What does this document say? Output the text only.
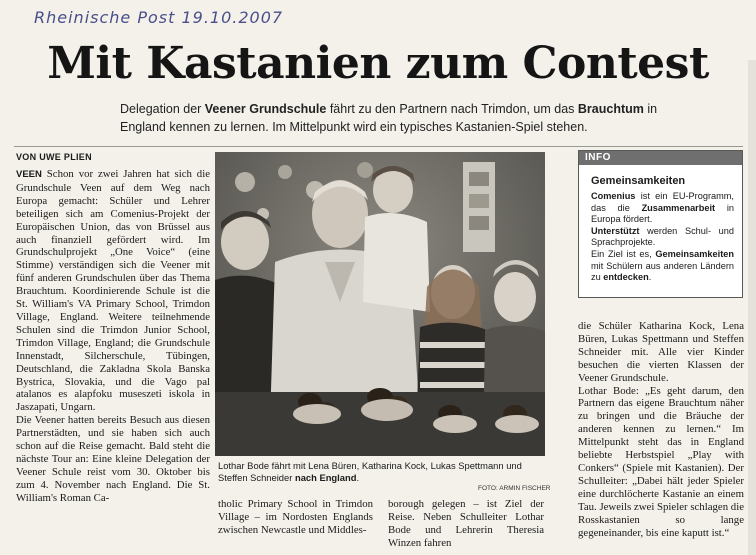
Rheinische Post 19.10.2007
Mit Kastanien zum Contest
Delegation der Veener Grundschule fährt zu den Partnern nach Trimdon, um das Brauchtum in England kennen zu lernen. Im Mittelpunkt wird ein typisches Kastanien-Spiel stehen.
VON UWE PLIEN

VEEN Schon vor zwei Jahren hat sich die Grundschule Veen auf dem Weg nach Europa gemacht: Schüler und Lehrer beteiligen sich am Comenius-Projekt der Europäischen Union, das von Brüssel aus auch finanziell gefördert wird. Im Grundschulprojekt „One Voice“ (eine Stimme) verständigen sich die Veener mit fünf anderen Grundschulen über das Thema Brauchtum. Koordinierende Schule ist die St. William's VA Primary School, Trimdon Village, England. Weitere teilnehmende Schulen sind die Trimdon Junior School, Trimdon Village, England; die Grundschule Innenstadt, Silcherschule, Tübingen, Deutschland, die Zakladna Skola Banska Bystrica, Slovakia, und die Vago pal atalanos es alapfoku museszeti iskola in Jaszapati, Ungarn.

Die Veener hatten bereits Besuch aus diesen Partnerstädten, und sie haben sich auch schon auf die Reise gemacht. Bald steht die nächste Tour an: Eine kleine Delegation der Veener Schule reist vom 30. Oktober bis zum 4. November nach England. Die St. William's Roman Ca-

Lothar Bode fährt mit Lena Büren, Katharina Kock, Lukas Spettmann und Steffen Schneider nach England.
FOTO: ARMIN FISCHER
tholic Primary School in Trimdon Village – im Nordosten Englands zwischen Newcastle und Middles-
borough gelegen – ist Ziel der Reise. Neben Schulleiter Lothar Bode und Lehrerin Theresia Winzen fahren
INFO
Gemeinsamkeiten

Comenius ist ein EU-Programm, das die Zusammenarbeit in Europa fördert.

Unterstützt werden Schul- und Sprachprojekte.

Ein Ziel ist es, Gemeinsamkeiten mit Schülern aus anderen Ländern zu entdecken.

die Schüler Katharina Kock, Lena Büren, Lukas Spettmann und Steffen Schneider mit. Alle vier Kinder besuchen die vierten Klassen der Veener Grundschule.

Lothar Bode: „Es geht darum, den Partnern das eigene Brauchtum näher zu bringen und die Bräuche der anderen kennen zu lernen.“ Im Mittelpunkt steht das in England beliebte Herbstspiel „Play with Conkers“ (Spiele mit Kastanien). Der Schulleiter: „Dabei hält jeder Spieler eine durchlöcherte Kastanie an einem Tau. Jeweils zwei Spieler schlagen die Rosskastanien so lange gegeneinander, bis eine kaputt ist.“
